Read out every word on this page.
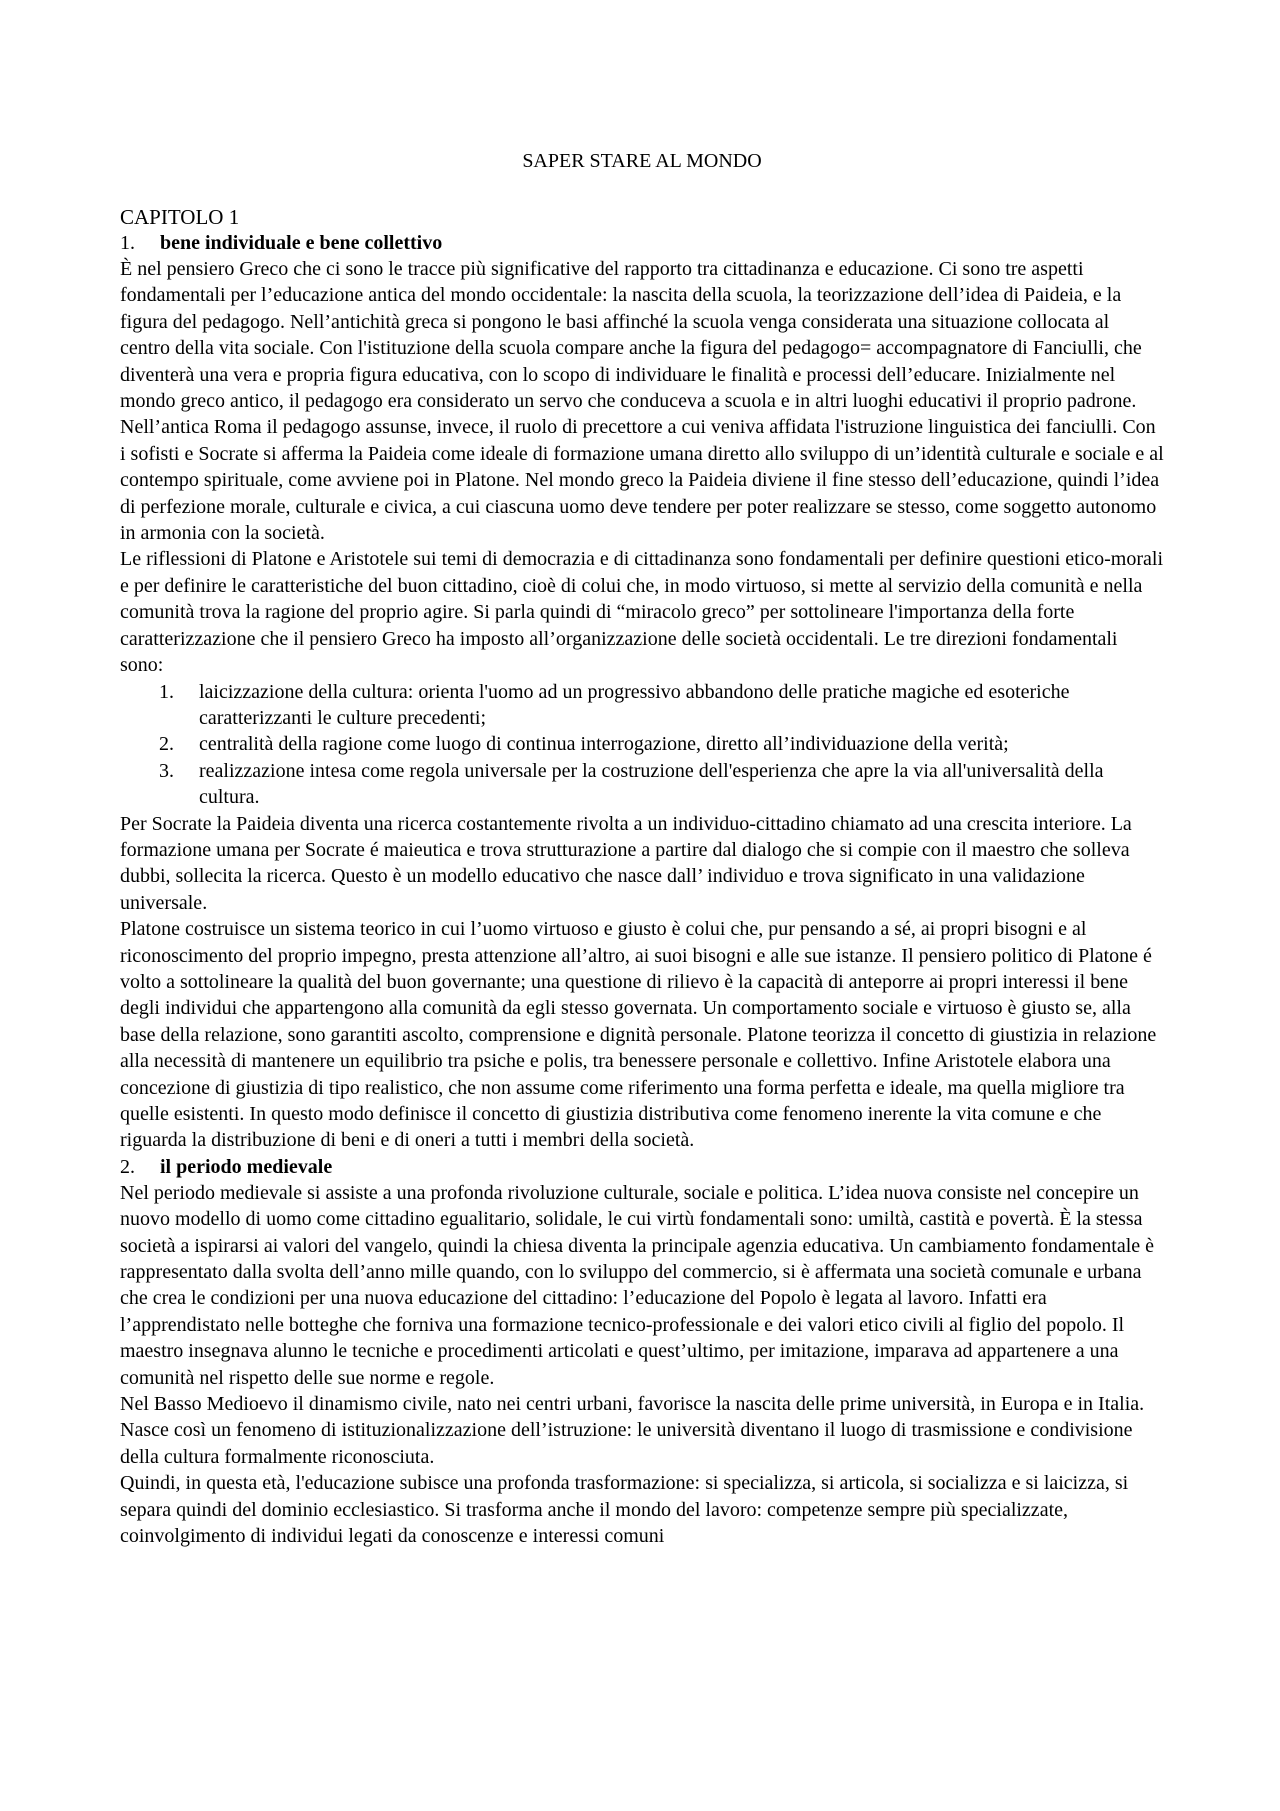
SAPER STARE AL MONDO
CAPITOLO 1
1.	bene individuale e bene collettivo

È nel pensiero Greco che ci sono le tracce più significative del rapporto tra cittadinanza e educazione. Ci sono tre aspetti fondamentali per l’educazione antica del mondo occidentale: la nascita della scuola, la teorizzazione dell’idea di Paideia, e la figura del pedagogo. Nell’antichità greca si pongono le basi affinché la scuola venga considerata una situazione collocata al centro della vita sociale. Con l'istituzione della scuola compare anche la figura del pedagogo= accompagnatore di Fanciulli, che diventerà una vera e propria figura educativa, con lo scopo di individuare le finalità e processi dell’educare. Inizialmente nel mondo greco antico, il pedagogo era considerato un servo che conduceva a scuola e in altri luoghi educativi il proprio padrone. Nell’antica Roma il pedagogo assunse, invece, il ruolo di precettore a cui veniva affidata l'istruzione linguistica dei fanciulli. Con i sofisti e Socrate si afferma la Paideia come ideale di formazione umana diretto allo sviluppo di un’identità culturale e sociale e al contempo spirituale, come avviene poi in Platone. Nel mondo greco la Paideia diviene il fine stesso dell’educazione, quindi l’idea di perfezione morale, culturale e civica, a cui ciascuna uomo deve tendere per poter realizzare se stesso, come soggetto autonomo in armonia con la società.

Le riflessioni di Platone e Aristotele sui temi di democrazia e di cittadinanza sono fondamentali per definire questioni etico-morali e per definire le caratteristiche del buon cittadino, cioè di colui che, in modo virtuoso, si mette al servizio della comunità e nella comunità trova la ragione del proprio agire. Si parla quindi di “miracolo greco” per sottolineare l'importanza della forte caratterizzazione che il pensiero Greco ha imposto all’organizzazione delle società occidentali. Le tre direzioni fondamentali sono:

1.	laicizzazione della cultura: orienta l'uomo ad un progressivo abbandono delle pratiche magiche ed esoteriche caratterizzanti le culture precedenti;
2.	centralità della ragione come luogo di continua interrogazione, diretto all’individuazione della verità;
3.	realizzazione intesa come regola universale per la costruzione dell'esperienza che apre la via all'universalità della cultura.

Per Socrate la Paideia diventa una ricerca costantemente rivolta a un individuo-cittadino chiamato ad una crescita interiore. La formazione umana per Socrate é maieutica e trova strutturazione a partire dal dialogo che si compie con il maestro che solleva dubbi, sollecita la ricerca. Questo è un modello educativo che nasce dall’ individuo e trova significato in una validazione universale.

Platone costruisce un sistema teorico in cui l’uomo virtuoso e giusto è colui che, pur pensando a sé, ai propri bisogni e al riconoscimento del proprio impegno, presta attenzione all’altro, ai suoi bisogni e alle sue istanze. Il pensiero politico di Platone é volto a sottolineare la qualità del buon governante; una questione di rilievo è la capacità di anteporre ai propri interessi il bene degli individui che appartengono alla comunità da egli stesso governata. Un comportamento sociale e virtuoso è giusto se, alla base della relazione, sono garantiti ascolto, comprensione e dignità personale. Platone teorizza il concetto di giustizia in relazione alla necessità di mantenere un equilibrio tra psiche e polis, tra benessere personale e collettivo. Infine Aristotele elabora una concezione di giustizia di tipo realistico, che non assume come riferimento una forma perfetta e ideale, ma quella migliore tra quelle esistenti. In questo modo definisce il concetto di giustizia distributiva come fenomeno inerente la vita comune e che riguarda la distribuzione di beni e di oneri a tutti i membri della società.

2.	il periodo medievale

Nel periodo medievale si assiste a una profonda rivoluzione culturale, sociale e politica. L’idea nuova consiste nel concepire un nuovo modello di uomo come cittadino egualitario, solidale, le cui virtù fondamentali sono: umiltà, castità e povertà. È la stessa società a ispirarsi ai valori del vangelo, quindi la chiesa diventa la principale agenzia educativa. Un cambiamento fondamentale è rappresentato dalla svolta dell’anno mille quando, con lo sviluppo del commercio, si è affermata una società comunale e urbana che crea le condizioni per una nuova educazione del cittadino: l’educazione del Popolo è legata al lavoro. Infatti era l’apprendistato nelle botteghe che forniva una formazione tecnico-professionale e dei valori etico civili al figlio del popolo. Il maestro insegnava alunno le tecniche e procedimenti articolati e quest’ultimo, per imitazione, imparava ad appartenere a una comunità nel rispetto delle sue norme e regole.

Nel Basso Medioevo il dinamismo civile, nato nei centri urbani, favorisce la nascita delle prime università, in Europa e in Italia. Nasce così un fenomeno di istituzionalizzazione dell’istruzione: le università diventano il luogo di trasmissione e condivisione della cultura formalmente riconosciuta.

Quindi, in questa età, l'educazione subisce una profonda trasformazione: si specializza, si articola, si socializza e si laicizza, si separa quindi del dominio ecclesiastico. Si trasforma anche il mondo del lavoro: competenze sempre più specializzate, coinvolgimento di individui legati da conoscenze e interessi comuni
